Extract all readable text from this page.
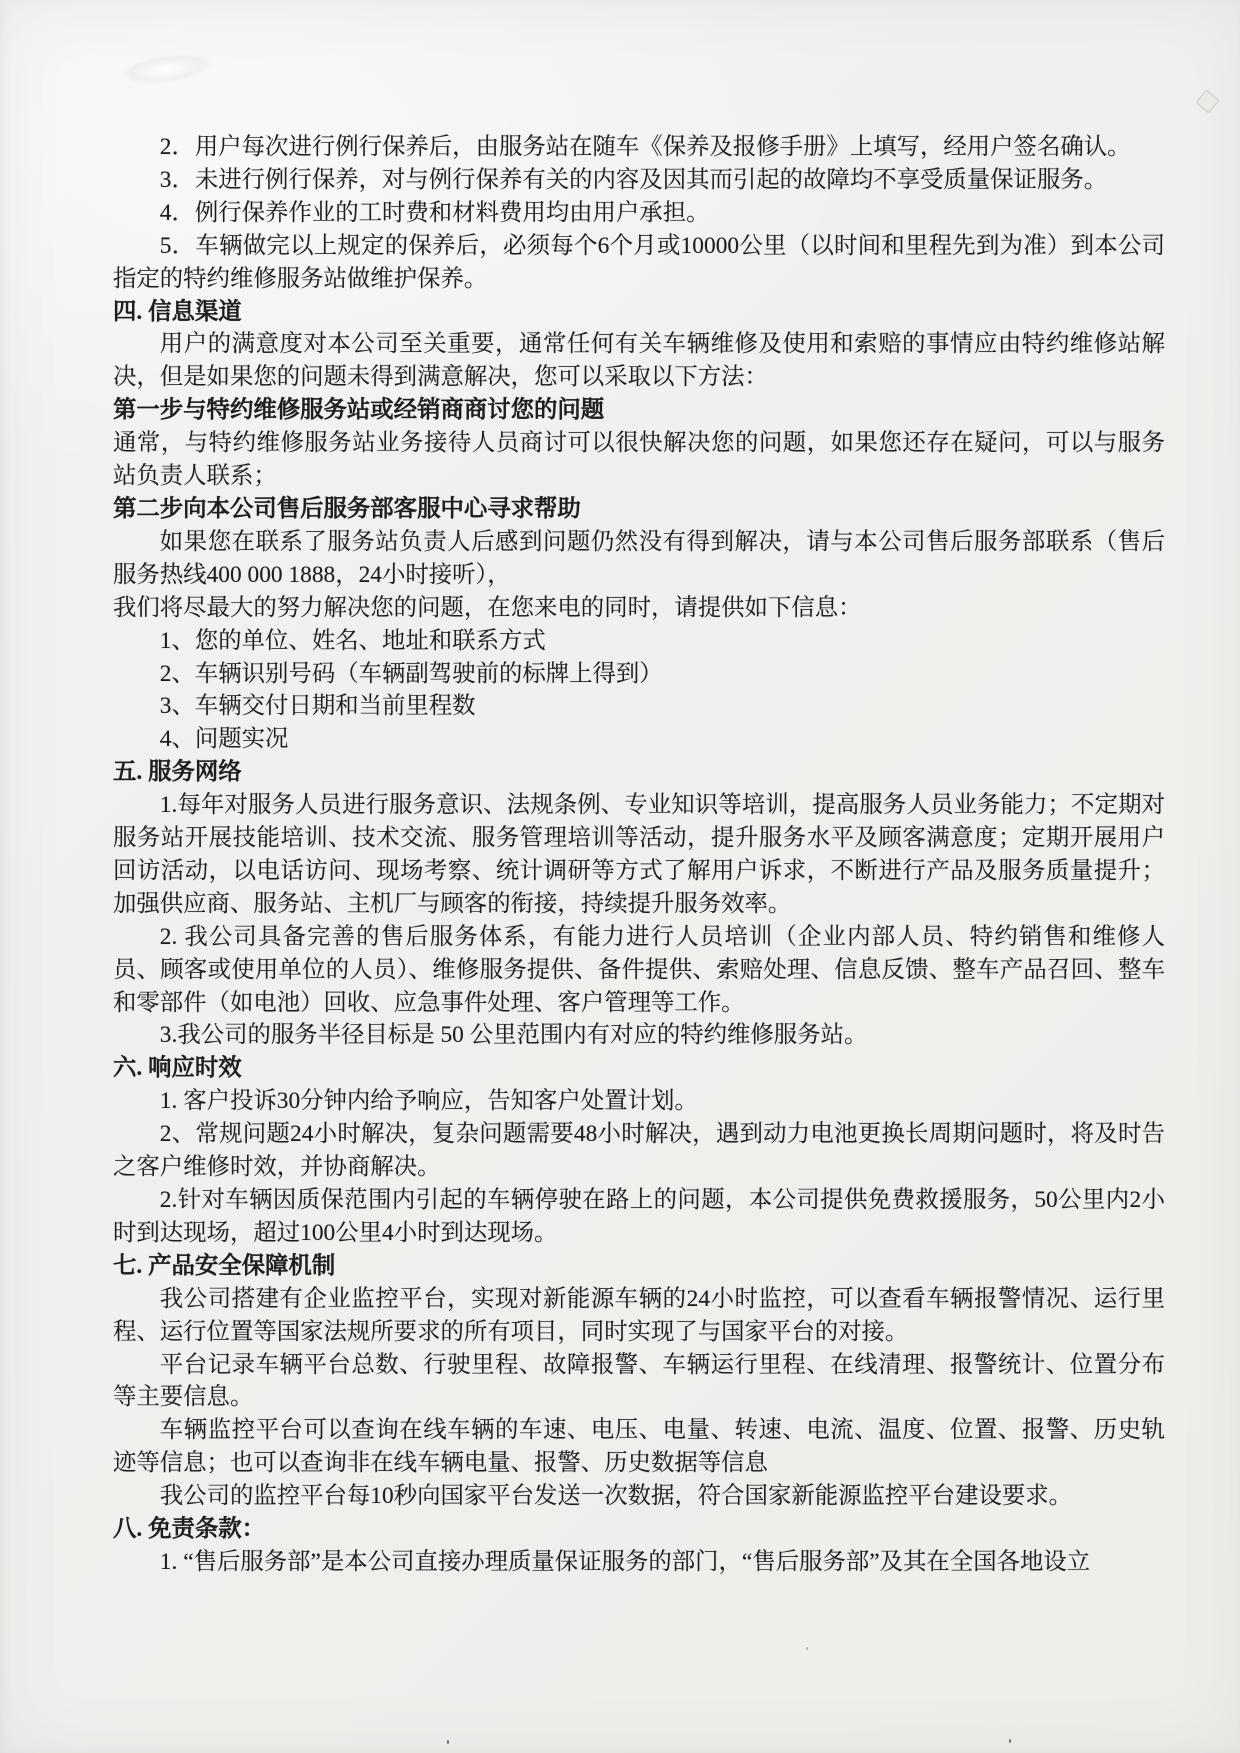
2．用户每次进行例行保养后，由服务站在随车《保养及报修手册》上填写，经用户签名确认。

3．未进行例行保养，对与例行保养有关的内容及因其而引起的故障均不享受质量保证服务。

4．例行保养作业的工时费和材料费用均由用户承担。

5．车辆做完以上规定的保养后，必须每个6个月或10000公里（以时间和里程先到为准）到本公司指定的特约维修服务站做维护保养。

四. 信息渠道

用户的满意度对本公司至关重要，通常任何有关车辆维修及使用和索赔的事情应由特约维修站解决，但是如果您的问题未得到满意解决，您可以采取以下方法：

第一步与特约维修服务站或经销商商讨您的问题

通常，与特约维修服务站业务接待人员商讨可以很快解决您的问题，如果您还存在疑问，可以与服务站负责人联系；

第二步向本公司售后服务部客服中心寻求帮助

如果您在联系了服务站负责人后感到问题仍然没有得到解决，请与本公司售后服务部联系（售后服务热线400 000 1888，24小时接听），

我们将尽最大的努力解决您的问题，在您来电的同时，请提供如下信息：

1、您的单位、姓名、地址和联系方式

2、车辆识别号码（车辆副驾驶前的标牌上得到）

3、车辆交付日期和当前里程数

4、问题实况

五. 服务网络

1.每年对服务人员进行服务意识、法规条例、专业知识等培训，提高服务人员业务能力；不定期对服务站开展技能培训、技术交流、服务管理培训等活动，提升服务水平及顾客满意度；定期开展用户回访活动，以电话访问、现场考察、统计调研等方式了解用户诉求，不断进行产品及服务质量提升；加强供应商、服务站、主机厂与顾客的衔接，持续提升服务效率。

2. 我公司具备完善的售后服务体系，有能力进行人员培训（企业内部人员、特约销售和维修人员、顾客或使用单位的人员）、维修服务提供、备件提供、索赔处理、信息反馈、整车产品召回、整车和零部件（如电池）回收、应急事件处理、客户管理等工作。

3.我公司的服务半径目标是 50 公里范围内有对应的特约维修服务站。

六. 响应时效

1. 客户投诉30分钟内给予响应，告知客户处置计划。

2、常规问题24小时解决，复杂问题需要48小时解决，遇到动力电池更换长周期问题时，将及时告之客户维修时效，并协商解决。

2.针对车辆因质保范围内引起的车辆停驶在路上的问题，本公司提供免费救援服务，50公里内2小时到达现场，超过100公里4小时到达现场。

七. 产品安全保障机制

我公司搭建有企业监控平台，实现对新能源车辆的24小时监控，可以查看车辆报警情况、运行里程、运行位置等国家法规所要求的所有项目，同时实现了与国家平台的对接。

平台记录车辆平台总数、行驶里程、故障报警、车辆运行里程、在线清理、报警统计、位置分布等主要信息。

车辆监控平台可以查询在线车辆的车速、电压、电量、转速、电流、温度、位置、报警、历史轨迹等信息；也可以查询非在线车辆电量、报警、历史数据等信息

我公司的监控平台每10秒向国家平台发送一次数据，符合国家新能源监控平台建设要求。

八. 免责条款：

1. “售后服务部”是本公司直接办理质量保证服务的部门，“售后服务部”及其在全国各地设立
